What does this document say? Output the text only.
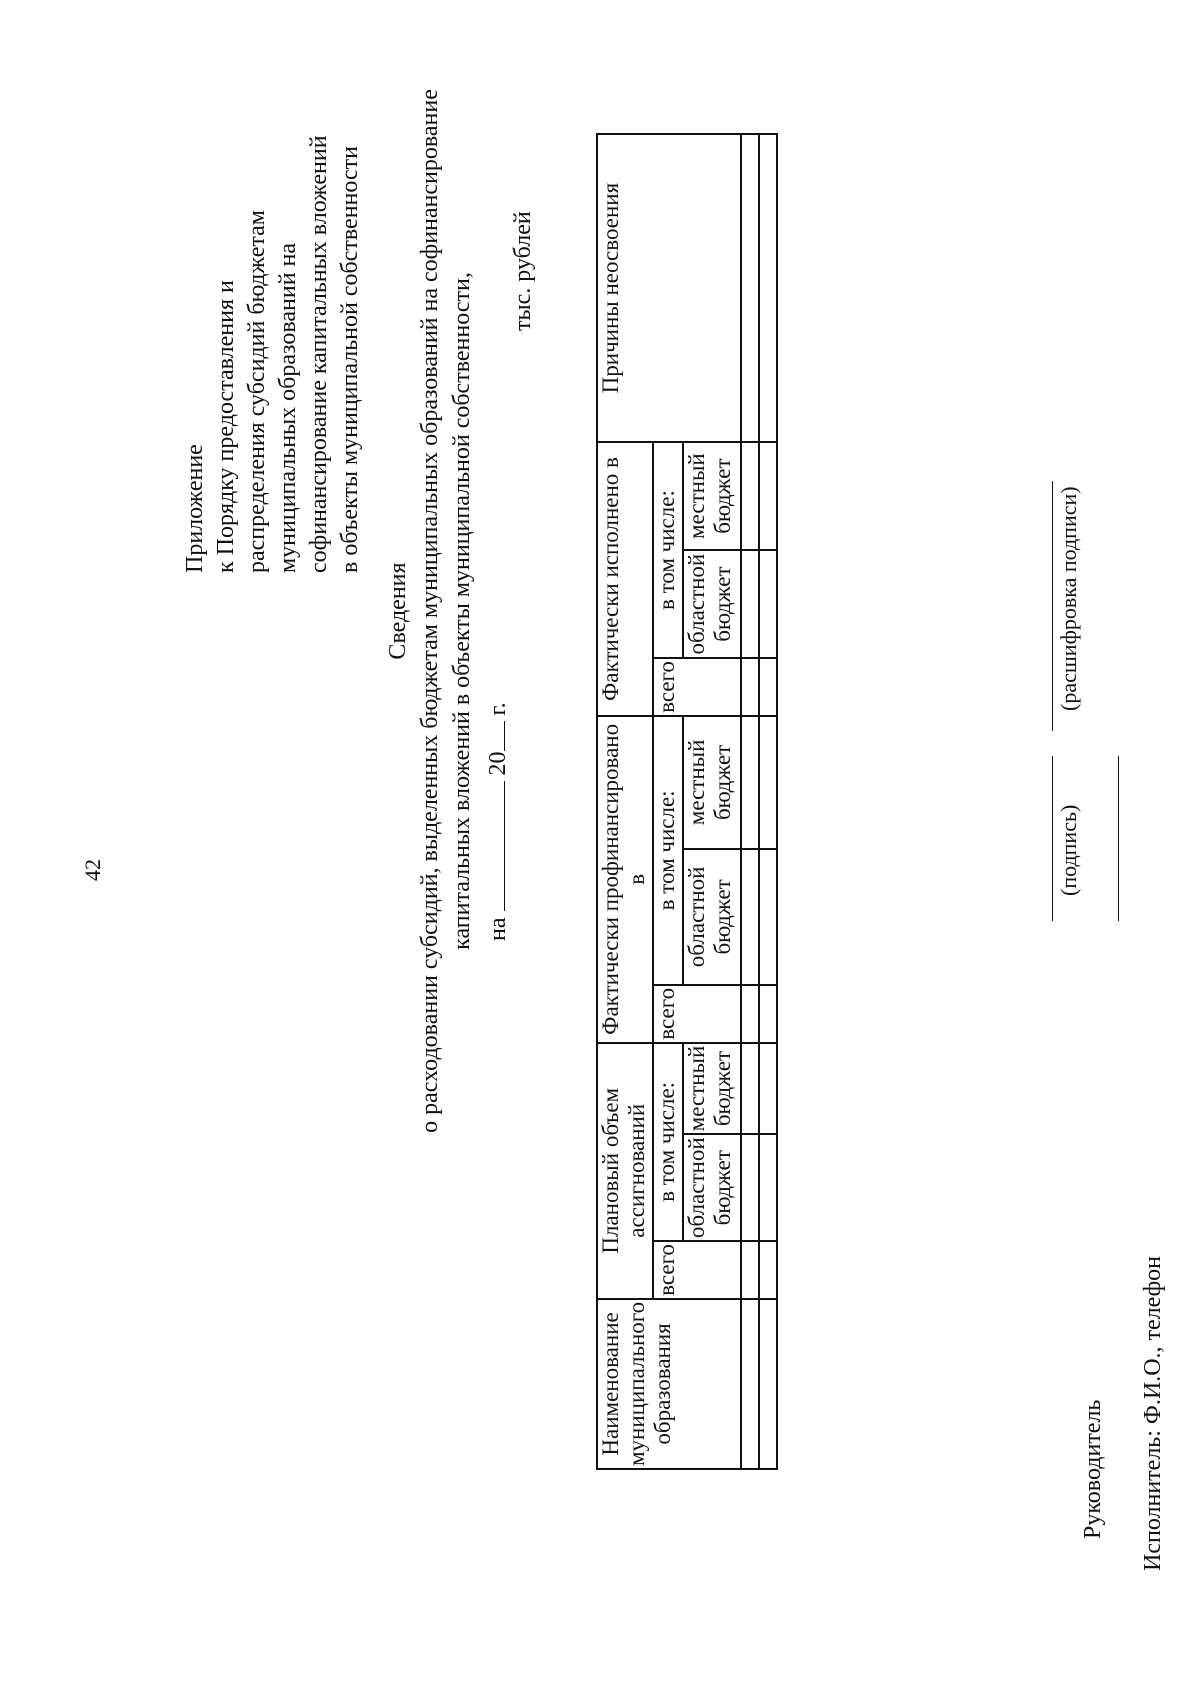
42
Приложение к Порядку предоставления и распределения субсидий бюджетам муниципальных образований на софинансирование капитальных вложений в объекты муниципальной собственности
Сведения о расходовании субсидий, выделенных бюджетам муниципальных образований на софинансирование капитальных вложений в объекты муниципальной собственности, на  20 г.
тыс. рублей
Наименование муниципального образования	Плановый объем ассигнований			Фактически профинансировано в			Фактически исполнено в			Причины неосвоения
	всего	в том числе:		всего	в том числе:		всего	в том числе:		
		областной бюджет	местный бюджет		областной бюджет	местный бюджет		областной бюджет	местный бюджет	

Руководитель
(подпись)
(расшифровка подписи)
Исполнитель: Ф.И.О., телефон
